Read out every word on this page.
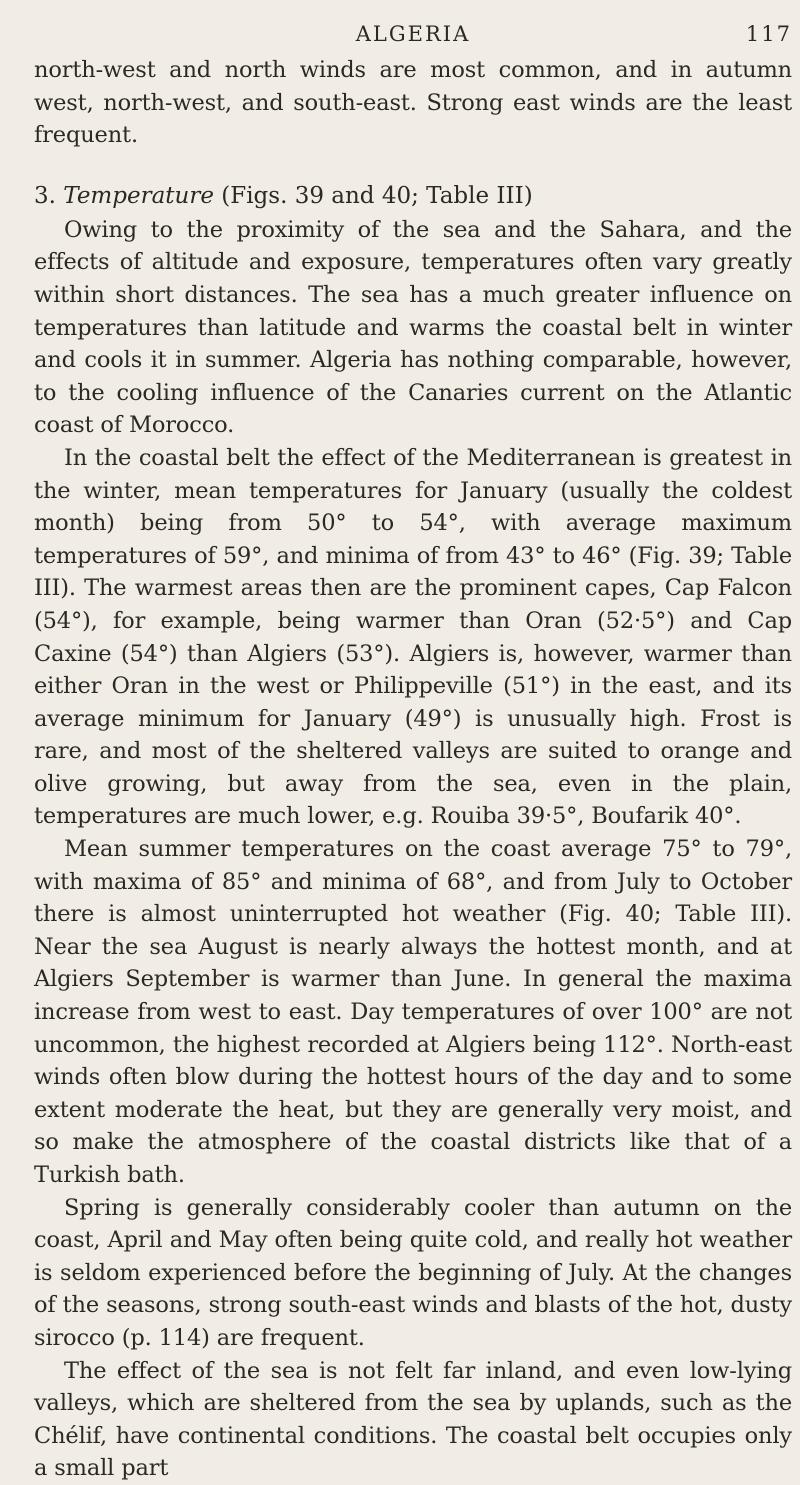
ALGERIA	117

north-west and north winds are most common, and in autumn west, north-west, and south-east. Strong east winds are the least frequent.

3. Temperature (Figs. 39 and 40; Table III)

Owing to the proximity of the sea and the Sahara, and the effects of altitude and exposure, temperatures often vary greatly within short distances. The sea has a much greater influence on temperatures than latitude and warms the coastal belt in winter and cools it in summer. Algeria has nothing comparable, however, to the cooling influence of the Canaries current on the Atlantic coast of Morocco.

In the coastal belt the effect of the Mediterranean is greatest in the winter, mean temperatures for January (usually the coldest month) being from 50° to 54°, with average maximum temperatures of 59°, and minima of from 43° to 46° (Fig. 39; Table III). The warmest areas then are the prominent capes, Cap Falcon (54°), for example, being warmer than Oran (52·5°) and Cap Caxine (54°) than Algiers (53°). Algiers is, however, warmer than either Oran in the west or Philippeville (51°) in the east, and its average minimum for January (49°) is unusually high. Frost is rare, and most of the sheltered valleys are suited to orange and olive growing, but away from the sea, even in the plain, temperatures are much lower, e.g. Rouiba 39·5°, Boufarik 40°.

Mean summer temperatures on the coast average 75° to 79°, with maxima of 85° and minima of 68°, and from July to October there is almost uninterrupted hot weather (Fig. 40; Table III). Near the sea August is nearly always the hottest month, and at Algiers September is warmer than June. In general the maxima increase from west to east. Day temperatures of over 100° are not uncommon, the highest recorded at Algiers being 112°. North-east winds often blow during the hottest hours of the day and to some extent moderate the heat, but they are generally very moist, and so make the atmosphere of the coastal districts like that of a Turkish bath.

Spring is generally considerably cooler than autumn on the coast, April and May often being quite cold, and really hot weather is seldom experienced before the beginning of July. At the changes of the seasons, strong south-east winds and blasts of the hot, dusty sirocco (p. 114) are frequent.

The effect of the sea is not felt far inland, and even low-lying valleys, which are sheltered from the sea by uplands, such as the Chélif, have continental conditions. The coastal belt occupies only a small part
